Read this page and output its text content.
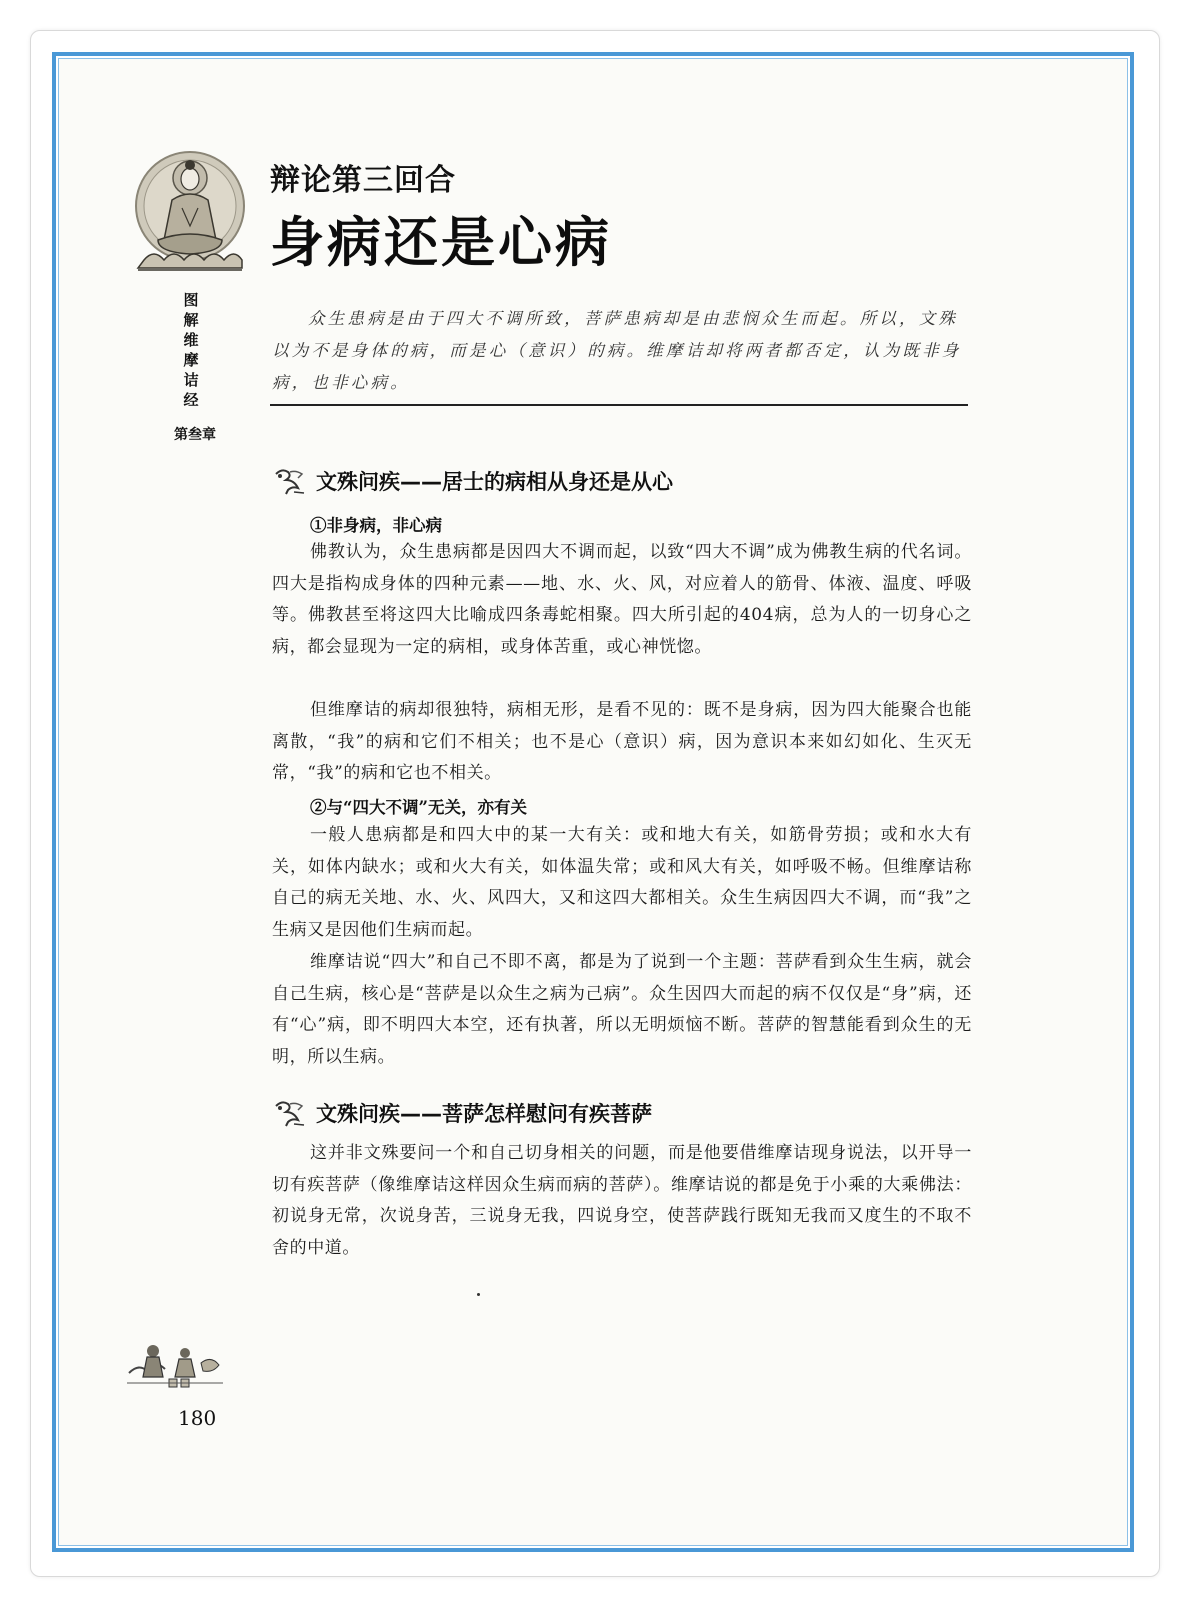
图
解
维
摩
诘
经
第叁章
辩论第三回合
身病还是心病

众生患病是由于四大不调所致，菩萨患病却是由悲悯众生而起。所以，文殊以为不是身体的病，而是心（意识）的病。维摩诘却将两者都否定，认为既非身病，也非心病。

文殊问疾——居士的病相从身还是从心
①非身病，非心病

佛教认为，众生患病都是因四大不调而起，以致“四大不调”成为佛教生病的代名词。四大是指构成身体的四种元素——地、水、火、风，对应着人的筋骨、体液、温度、呼吸等。佛教甚至将这四大比喻成四条毒蛇相聚。四大所引起的404病，总为人的一切身心之病，都会显现为一定的病相，或身体苦重，或心神恍惚。

但维摩诘的病却很独特，病相无形，是看不见的：既不是身病，因为四大能聚合也能离散，“我”的病和它们不相关；也不是心（意识）病，因为意识本来如幻如化、生灭无常，“我”的病和它也不相关。

②与“四大不调”无关，亦有关

一般人患病都是和四大中的某一大有关：或和地大有关，如筋骨劳损；或和水大有关，如体内缺水；或和火大有关，如体温失常；或和风大有关，如呼吸不畅。但维摩诘称自己的病无关地、水、火、风四大，又和这四大都相关。众生生病因四大不调，而“我”之生病又是因他们生病而起。

维摩诘说“四大”和自己不即不离，都是为了说到一个主题：菩萨看到众生生病，就会自己生病，核心是“菩萨是以众生之病为己病”。众生因四大而起的病不仅仅是“身”病，还有“心”病，即不明四大本空，还有执著，所以无明烦恼不断。菩萨的智慧能看到众生的无明，所以生病。

文殊问疾——菩萨怎样慰问有疾菩萨

这并非文殊要问一个和自己切身相关的问题，而是他要借维摩诘现身说法，以开导一切有疾菩萨（像维摩诘这样因众生病而病的菩萨）。维摩诘说的都是免于小乘的大乘佛法：初说身无常，次说身苦，三说身无我，四说身空，使菩萨践行既知无我而又度生的不取不舍的中道。

180
